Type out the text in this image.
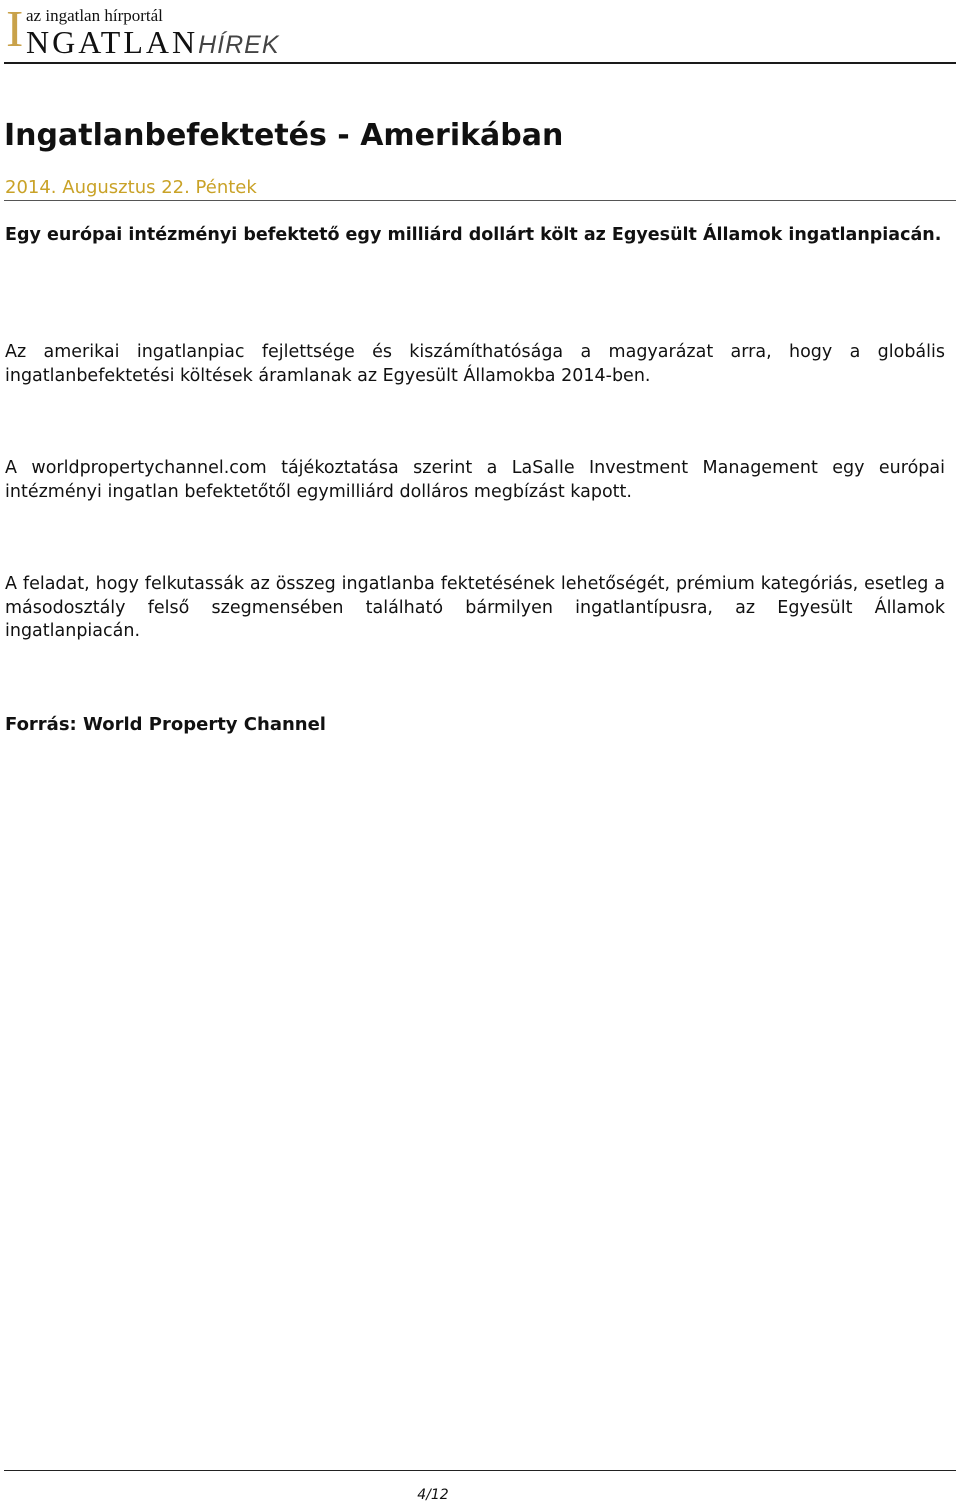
I az ingatlan hírportál
NGATLANHÍREK
Ingatlanbefektetés - Amerikában
2014. Augusztus 22. Péntek

Egy európai intézményi befektető egy milliárd dollárt költ az Egyesült Államok ingatlanpiacán.

Az amerikai ingatlanpiac fejlettsége és kiszámíthatósága a magyarázat arra, hogy a globális ingatlanbefektetési költések áramlanak az Egyesült Államokba 2014-ben.

A worldpropertychannel.com tájékoztatása szerint a LaSalle Investment Management egy európai intézményi ingatlan befektetőtől egymilliárd dolláros megbízást kapott.

A feladat, hogy felkutassák az összeg ingatlanba fektetésének lehetőségét, prémium kategóriás, esetleg a másodosztály felső szegmensében található bármilyen ingatlantípusra, az Egyesült Államok ingatlanpiacán.

Forrás: World Property Channel
4/12
